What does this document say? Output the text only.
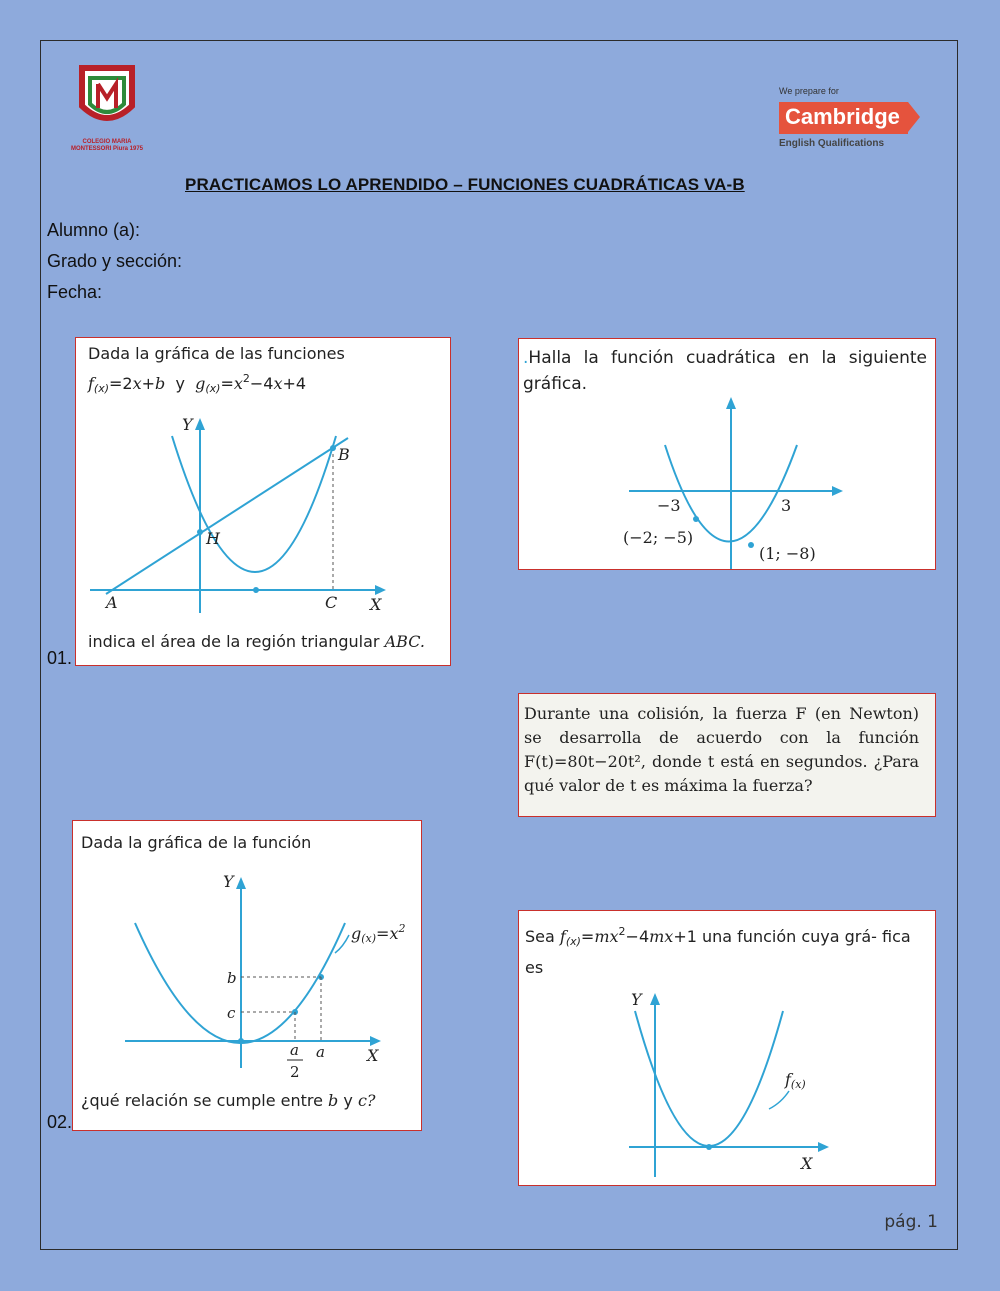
COLEGIO MARIA MONTESSORI Piura 1975
We prepare for
Cambridge
English Qualifications
PRACTICAMOS LO APRENDIDO – FUNCIONES CUADRÁTICAS VA-B
Alumno (a):
Grado y sección:
Fecha:
01.
Dada la gráfica de las funciones
$f_{(x)}=2x+b$  y  $g_{(x)}=x^2-4x+4$
Y
X
A
B
C
H
indica el área de la región triangular ABC.
.Halla la función cuadrática en la siguiente gráfica.
−3	3
(−2; −5)
(1; −8)
Durante una colisión, la fuerza F (en Newton) se desarrolla de acuerdo con la función F(t)=80t−20t², donde t está en segundos. ¿Para qué valor de t es máxima la fuerza?
02.
Dada la gráfica de la función
Y
X
b
c
a
a
2
$g(x)=x^2$
¿qué relación se cumple entre b y c?
Sea $f_{(x)}=mx^2-4mx+1$ una función cuya grá- fica es
Y
X
f(x)
pág. 1
